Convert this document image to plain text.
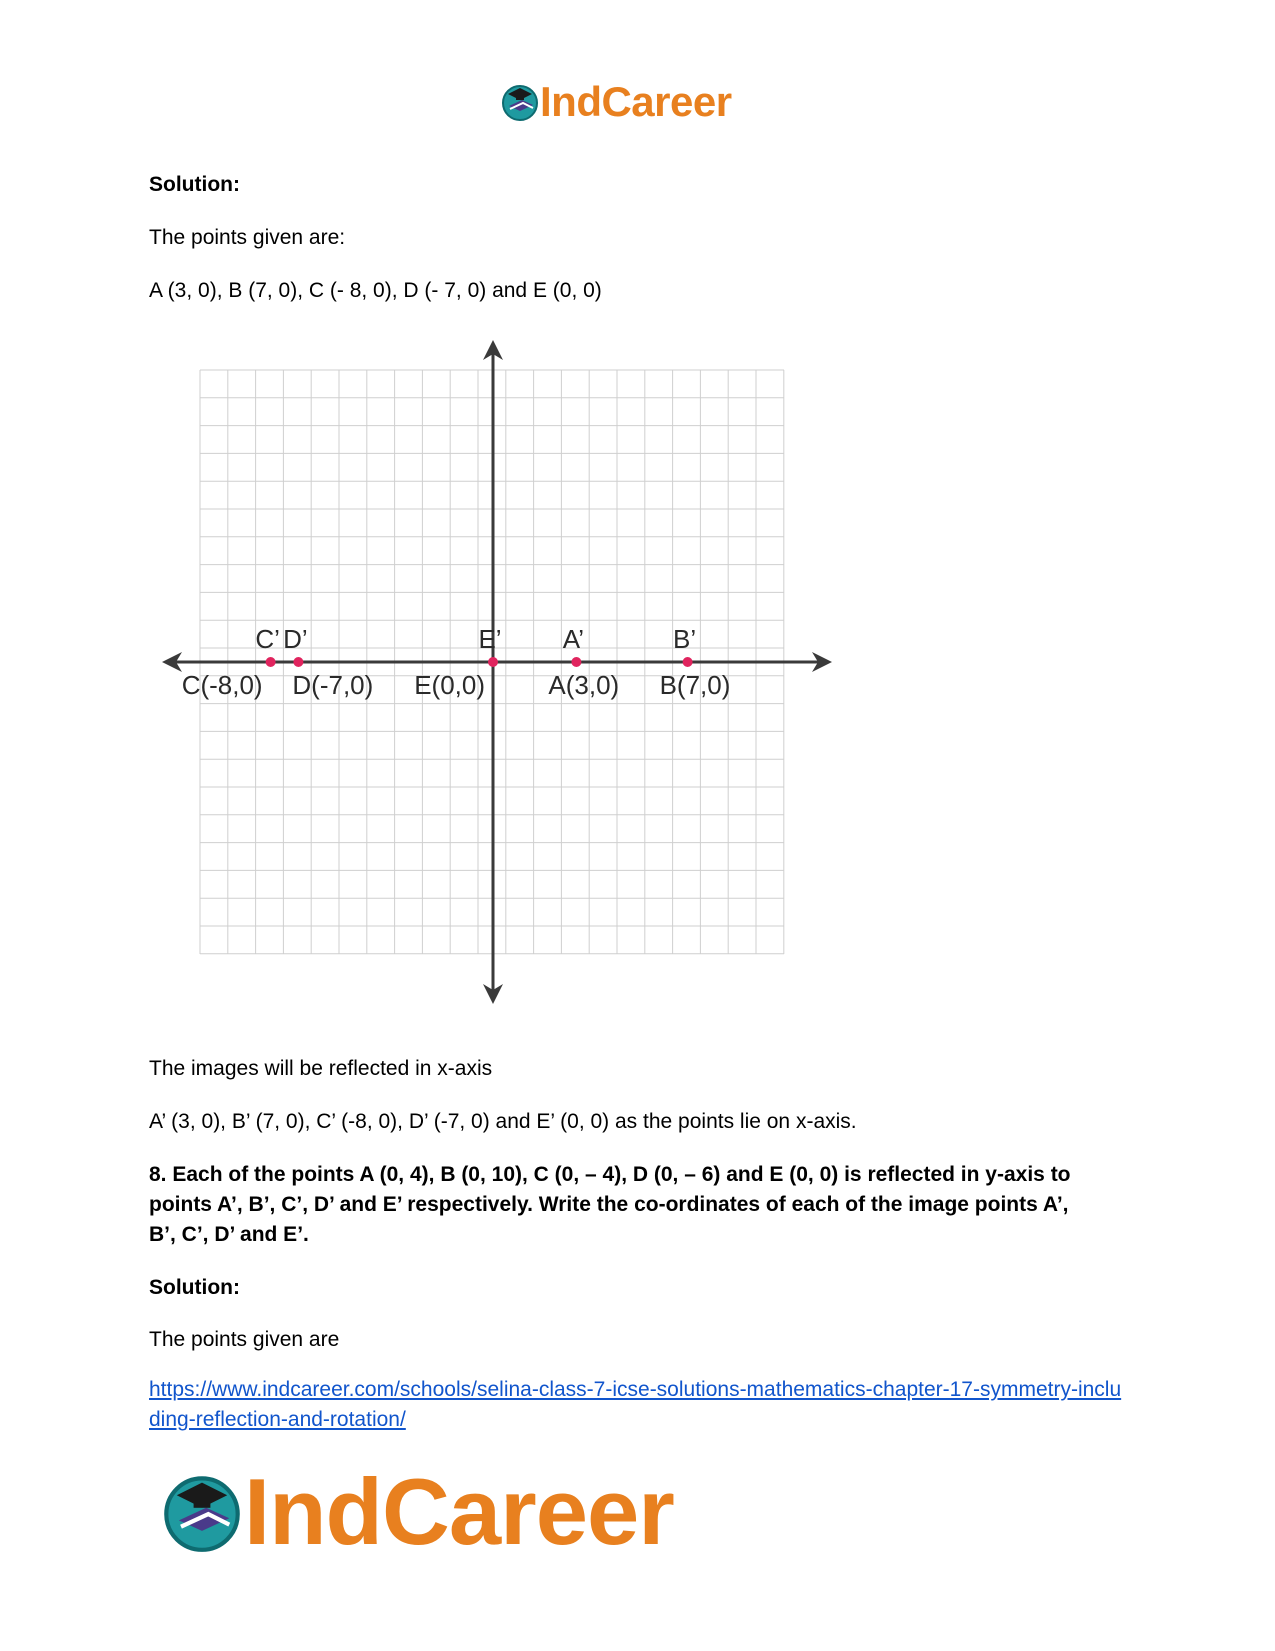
IndCareer

Solution:

The points given are:

A (3, 0), B (7, 0), C (- 8, 0), D (- 7, 0) and E (0, 0)

C’
C(-8,0)
D’
D(-7,0)
E’
E(0,0)
A’
A(3,0)
B’
B(7,0)

The images will be reflected in x-axis

A’ (3, 0), B’ (7, 0), C’ (-8, 0), D’ (-7, 0) and E’ (0, 0) as the points lie on x-axis.

8. Each of the points A (0, 4), B (0, 10), C (0, – 4), D (0, – 6) and E (0, 0) is reflected in y-axis to points A’, B’, C’, D’ and E’ respectively. Write the co-ordinates of each of the image points A’, B’, C’, D’ and E’.

Solution:

The points given are

https://www.indcareer.com/schools/selina-class-7-icse-solutions-mathematics-chapter-17-symmetry-including-reflection-and-rotation/
IndCareer
